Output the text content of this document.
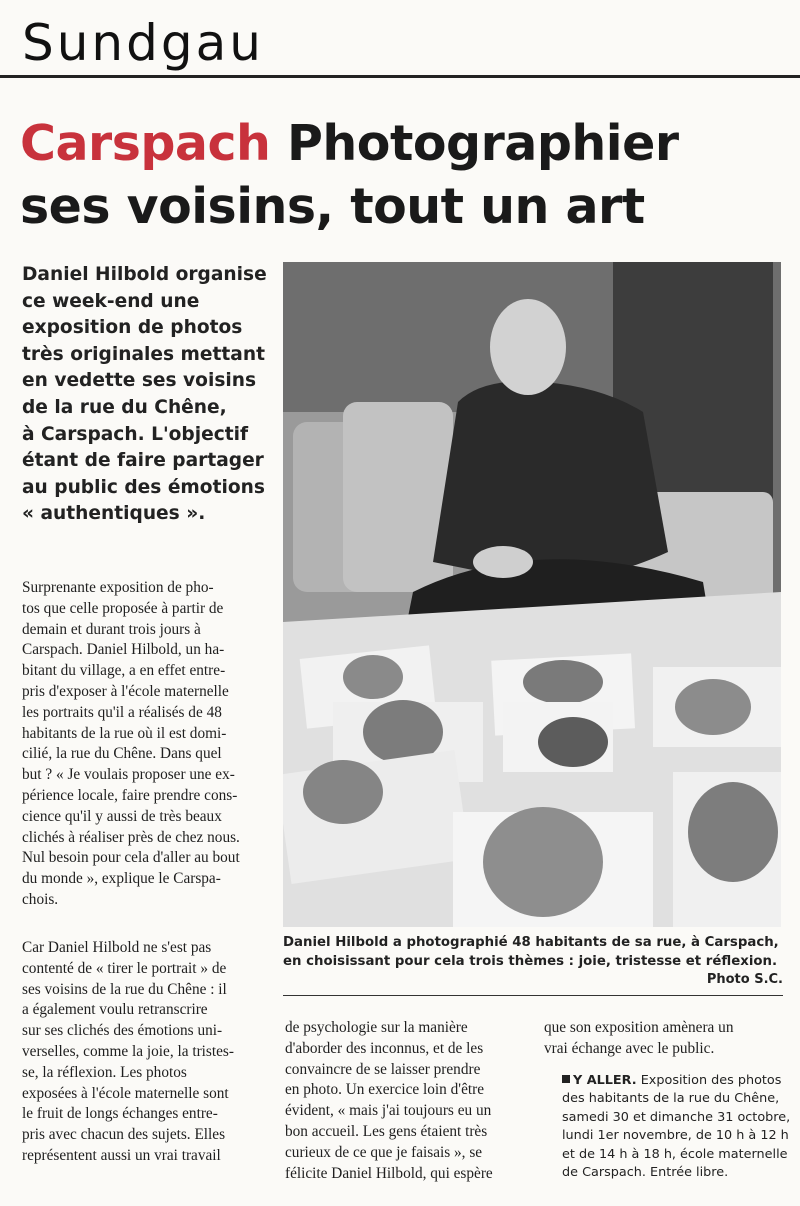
Sundgau
Carspach Photographier
ses voisins, tout un art
Daniel Hilbold organise
ce week-end une
exposition de photos
très originales mettant
en vedette ses voisins
de la rue du Chêne,
à Carspach. L'objectif
étant de faire partager
au public des émotions
« authentiques ».
Daniel Hilbold a photographié 48 habitants de sa rue, à Carspach, en choisissant pour cela trois thèmes : joie, tristesse et réflexion.
Photo S.C.
Surprenante exposition de pho-
tos que celle proposée à partir de
demain et durant trois jours à
Carspach. Daniel Hilbold, un ha-
bitant du village, a en effet entre-
pris d'exposer à l'école maternelle
les portraits qu'il a réalisés de 48
habitants de la rue où il est domi-
cilié, la rue du Chêne. Dans quel
but ? « Je voulais proposer une ex-
périence locale, faire prendre cons-
cience qu'il y aussi de très beaux
clichés à réaliser près de chez nous.
Nul besoin pour cela d'aller au bout
du monde », explique le Carspa-
chois.
Car Daniel Hilbold ne s'est pas
contenté de « tirer le portrait » de
ses voisins de la rue du Chêne : il
a également voulu retranscrire
sur ses clichés des émotions uni-
verselles, comme la joie, la tristes-
se, la réflexion. Les photos
exposées à l'école maternelle sont
le fruit de longs échanges entre-
pris avec chacun des sujets. Elles
représentent aussi un vrai travail
de psychologie sur la manière
d'aborder des inconnus, et de les
convaincre de se laisser prendre
en photo. Un exercice loin d'être
évident, « mais j'ai toujours eu un
bon accueil. Les gens étaient très
curieux de ce que je faisais », se
félicite Daniel Hilbold, qui espère
que son exposition amènera un
vrai échange avec le public.
Y ALLER. Exposition des photos
des habitants de la rue du Chêne,
samedi 30 et dimanche 31 octobre,
lundi 1er novembre, de 10 h à 12 h
et de 14 h à 18 h, école maternelle
de Carspach. Entrée libre.
